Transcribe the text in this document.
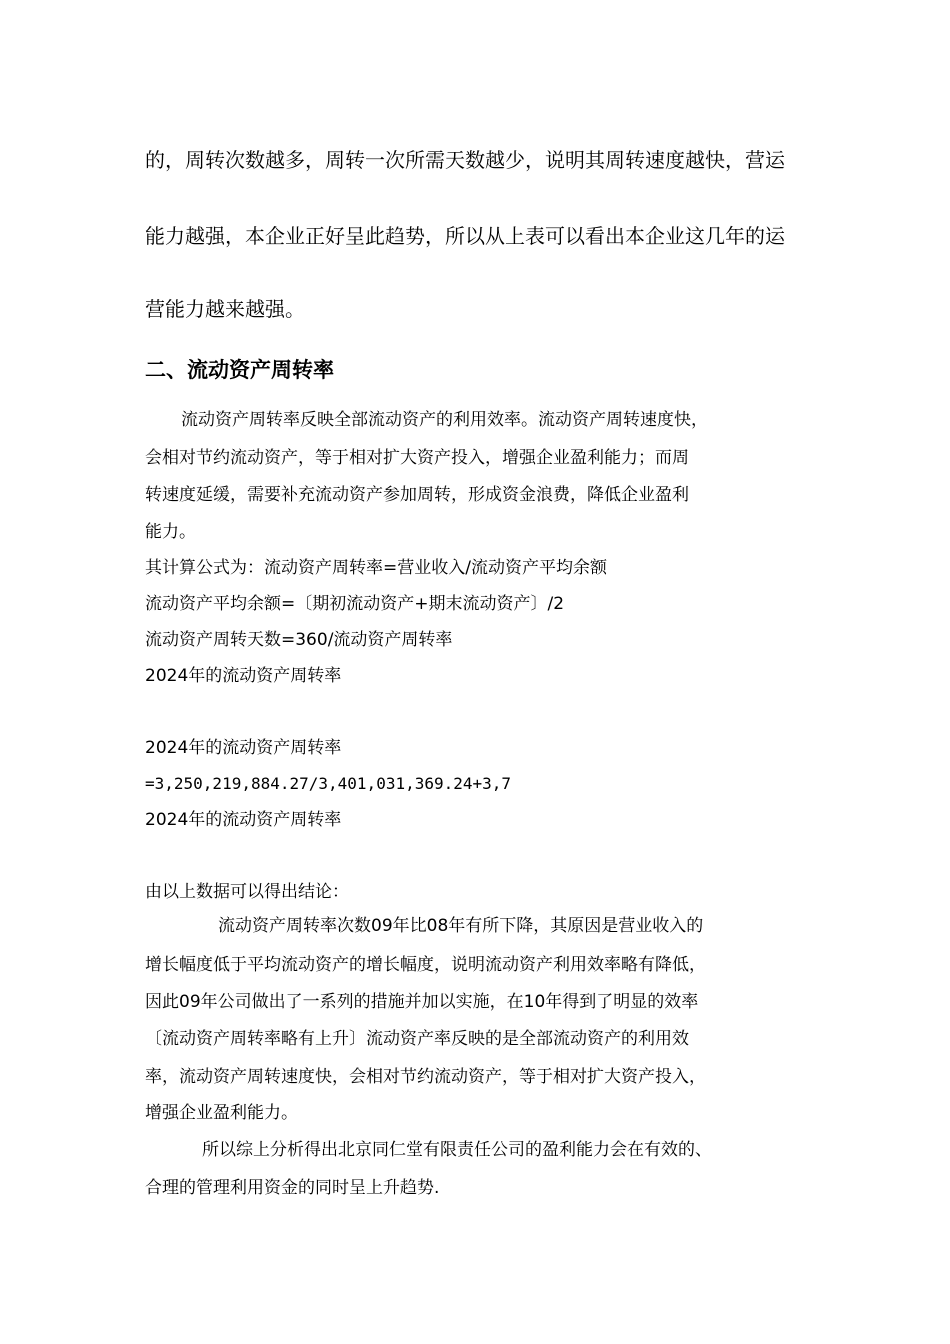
的，周转次数越多，周转一次所需天数越少，说明其周转速度越快，营运
能力越强，本企业正好呈此趋势，所以从上表可以看出本企业这几年的运
营能力越来越强。
二、流动资产周转率
流动资产周转率反映全部流动资产的利用效率。流动资产周转速度快，
会相对节约流动资产，等于相对扩大资产投入，增强企业盈利能力；而周
转速度延缓，需要补充流动资产参加周转，形成资金浪费，降低企业盈利
能力。
其计算公式为：流动资产周转率=营业收入/流动资产平均余额
流动资产平均余额=〔期初流动资产+期末流动资产〕/2
流动资产周转天数=360/流动资产周转率
2024年的流动资产周转率
2024年的流动资产周转率
=3,250,219,884.27/3,401,031,369.24+3,7
2024年的流动资产周转率
由以上数据可以得出结论：
流动资产周转率次数09年比08年有所下降，其原因是营业收入的
增长幅度低于平均流动资产的增长幅度，说明流动资产利用效率略有降低，
因此09年公司做出了一系列的措施并加以实施，在10年得到了明显的效率
〔流动资产周转率略有上升〕流动资产率反映的是全部流动资产的利用效
率，流动资产周转速度快，会相对节约流动资产，等于相对扩大资产投入，
增强企业盈利能力。
所以综上分析得出北京同仁堂有限责任公司的盈利能力会在有效的、
合理的管理利用资金的同时呈上升趋势.
